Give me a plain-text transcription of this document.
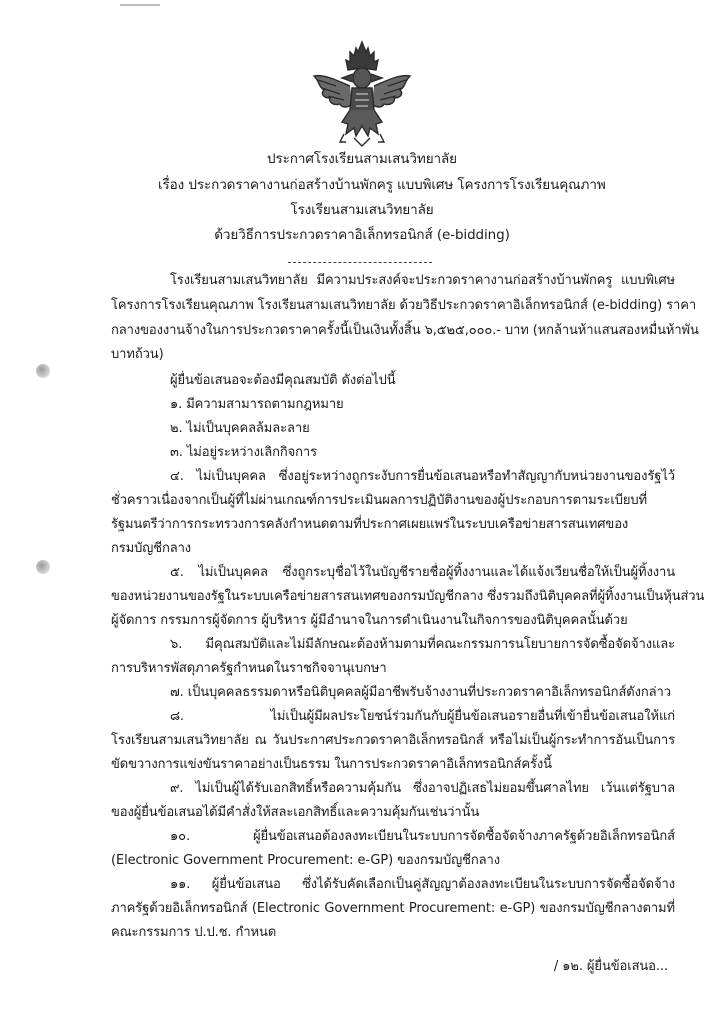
ประกาศโรงเรียนสามเสนวิทยาลัย
เรื่อง ประกวดราคางานก่อสร้างบ้านพักครู แบบพิเศษ โครงการโรงเรียนคุณภาพ
โรงเรียนสามเสนวิทยาลัย
ด้วยวิธีการประกวดราคาอิเล็กทรอนิกส์ (e-bidding)
โรงเรียนสามเสนวิทยาลัย มีความประสงค์จะประกวดราคางานก่อสร้างบ้านพักครู แบบพิเศษ
โครงการโรงเรียนคุณภาพ โรงเรียนสามเสนวิทยาลัย ด้วยวิธีประกวดราคาอิเล็กทรอนิกส์ (e-bidding) ราคา
กลางของงานจ้างในการประกวดราคาครั้งนี้เป็นเงินทั้งสิ้น ๖,๕๒๕,๐๐๐.- บาท (หกล้านห้าแสนสองหมื่นห้าพัน
บาทถ้วน)
ผู้ยื่นข้อเสนอจะต้องมีคุณสมบัติ ดังต่อไปนี้
๑. มีความสามารถตามกฎหมาย
๒. ไม่เป็นบุคคลล้มละลาย
๓. ไม่อยู่ระหว่างเลิกกิจการ
๔. ไม่เป็นบุคคล ซึ่งอยู่ระหว่างถูกระงับการยื่นข้อเสนอหรือทำสัญญากับหน่วยงานของรัฐไว้
ชั่วคราวเนื่องจากเป็นผู้ที่ไม่ผ่านเกณฑ์การประเมินผลการปฏิบัติงานของผู้ประกอบการตามระเบียบที่
รัฐมนตรีว่าการกระทรวงการคลังกำหนดตามที่ประกาศเผยแพร่ในระบบเครือข่ายสารสนเทศของ
กรมบัญชีกลาง
๕. ไม่เป็นบุคคล ซึ่งถูกระบุชื่อไว้ในบัญชีรายชื่อผู้ทิ้งงานและได้แจ้งเวียนชื่อให้เป็นผู้ทิ้งงาน
ของหน่วยงานของรัฐในระบบเครือข่ายสารสนเทศของกรมบัญชีกลาง ซึ่งรวมถึงนิติบุคคลที่ผู้ทิ้งงานเป็นหุ้นส่วน
ผู้จัดการ กรรมการผู้จัดการ ผู้บริหาร ผู้มีอำนาจในการดำเนินงานในกิจการของนิติบุคคลนั้นด้วย
๖. มีคุณสมบัติและไม่มีลักษณะต้องห้ามตามที่คณะกรรมการนโยบายการจัดซื้อจัดจ้างและ
การบริหารพัสดุภาครัฐกำหนดในราชกิจจานุเบกษา
๗. เป็นบุคคลธรรมดาหรือนิติบุคคลผู้มีอาชีพรับจ้างงานที่ประกวดราคาอิเล็กทรอนิกส์ดังกล่าว
๘. ไม่เป็นผู้มีผลประโยชน์ร่วมกันกับผู้ยื่นข้อเสนอรายอื่นที่เข้ายื่นข้อเสนอให้แก่
โรงเรียนสามเสนวิทยาลัย ณ วันประกาศประกวดราคาอิเล็กทรอนิกส์ หรือไม่เป็นผู้กระทำการอันเป็นการ
ขัดขวางการแข่งขันราคาอย่างเป็นธรรม ในการประกวดราคาอิเล็กทรอนิกส์ครั้งนี้
๙. ไม่เป็นผู้ได้รับเอกสิทธิ์หรือความคุ้มกัน ซึ่งอาจปฏิเสธไม่ยอมขึ้นศาลไทย เว้นแต่รัฐบาล
ของผู้ยื่นข้อเสนอได้มีคำสั่งให้สละเอกสิทธิ์และความคุ้มกันเช่นว่านั้น
๑๐. ผู้ยื่นข้อเสนอต้องลงทะเบียนในระบบการจัดซื้อจัดจ้างภาครัฐด้วยอิเล็กทรอนิกส์
(Electronic Government Procurement: e-GP) ของกรมบัญชีกลาง
๑๑. ผู้ยื่นข้อเสนอ ซึ่งได้รับคัดเลือกเป็นคู่สัญญาต้องลงทะเบียนในระบบการจัดซื้อจัดจ้าง
ภาครัฐด้วยอิเล็กทรอนิกส์ (Electronic Government Procurement: e-GP) ของกรมบัญชีกลางตามที่
คณะกรรมการ ป.ป.ช. กำหนด
/ ๑๒. ผู้ยื่นข้อเสนอ...
